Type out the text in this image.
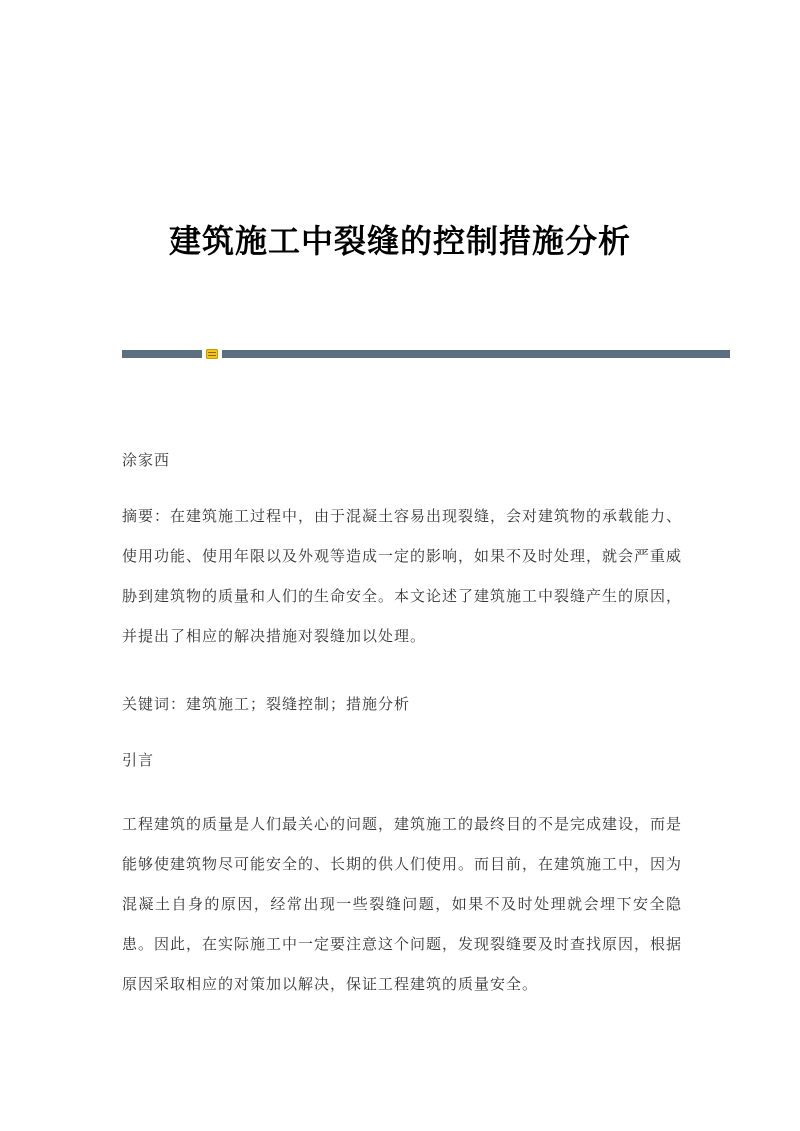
建筑施工中裂缝的控制措施分析
涂家西
摘要：在建筑施工过程中，由于混凝土容易出现裂缝，会对建筑物的承载能力、使用功能、使用年限以及外观等造成一定的影响，如果不及时处理，就会严重威胁到建筑物的质量和人们的生命安全。本文论述了建筑施工中裂缝产生的原因，并提出了相应的解决措施对裂缝加以处理。
关键词：建筑施工；裂缝控制；措施分析
引言
工程建筑的质量是人们最关心的问题，建筑施工的最终目的不是完成建设，而是能够使建筑物尽可能安全的、长期的供人们使用。而目前，在建筑施工中，因为混凝土自身的原因，经常出现一些裂缝问题，如果不及时处理就会埋下安全隐患。因此，在实际施工中一定要注意这个问题，发现裂缝要及时查找原因，根据原因采取相应的对策加以解决，保证工程建筑的质量安全。
